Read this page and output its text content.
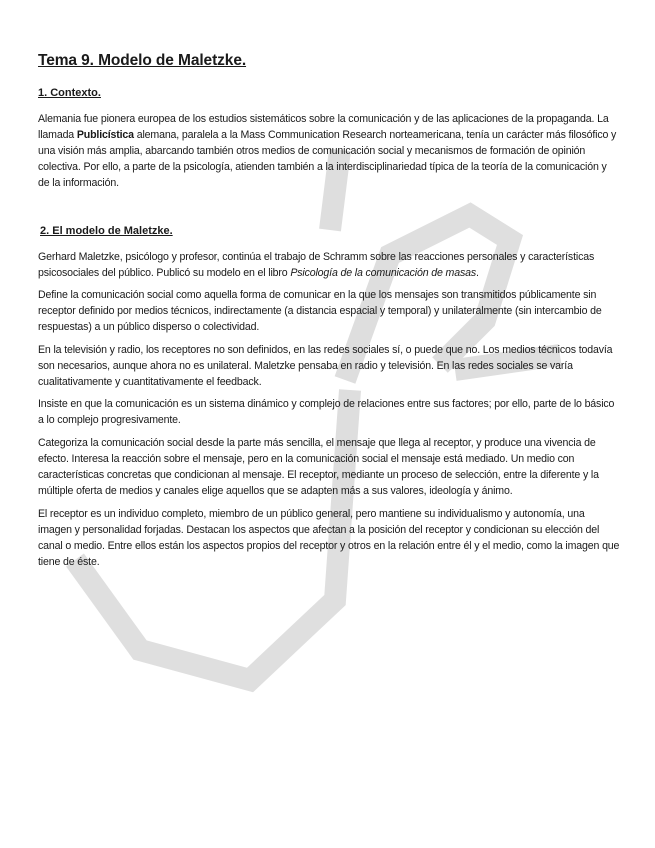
Tema 9. Modelo de Maletzke.
1. Contexto.

Alemania fue pionera europea de los estudios sistemáticos sobre la comunicación y de las aplicaciones de la propaganda. La llamada Publicística alemana, paralela a la Mass Communication Research norteamericana, tenía un carácter más filosófico y una visión más amplia, abarcando también otros medios de comunicación social y mecanismos de formación de opinión colectiva. Por ello, a parte de la psicología, atienden también a la interdisciplinariedad típica de la teoría de la comunicación y de la información.

2. El modelo de Maletzke.

Gerhard Maletzke, psicólogo y profesor, continúa el trabajo de Schramm sobre las reacciones personales y características psicosociales del público. Publicó su modelo en el libro Psicología de la comunicación de masas.

Define la comunicación social como aquella forma de comunicar en la que los mensajes son transmitidos públicamente sin receptor definido por medios técnicos, indirectamente (a distancia espacial y temporal) y unilateralmente (sin intercambio de respuestas) a un público disperso o colectividad.

En la televisión y radio, los receptores no son definidos, en las redes sociales sí, o puede que no. Los medios técnicos todavía son necesarios, aunque ahora no es unilateral. Maletzke pensaba en radio y televisión. En las redes sociales se varía cualitativamente y cuantitativamente el feedback.

Insiste en que la comunicación es un sistema dinámico y complejo de relaciones entre sus factores; por ello, parte de lo básico a lo complejo progresivamente.

Categoriza la comunicación social desde la parte más sencilla, el mensaje que llega al receptor, y produce una vivencia de efecto. Interesa la reacción sobre el mensaje, pero en la comunicación social el mensaje está mediado. Un medio con características concretas que condicionan al mensaje. El receptor, mediante un proceso de selección, entre la diferente y la múltiple oferta de medios y canales elige aquellos que se adapten más a sus valores, ideología y ánimo.

El receptor es un individuo completo, miembro de un público general, pero mantiene su individualismo y autonomía, una imagen y personalidad forjadas. Destacan los aspectos que afectan a la posición del receptor y condicionan su elección del canal o medio. Entre ellos están los aspectos propios del receptor y otros en la relación entre él y el medio, como la imagen que tiene de éste.
